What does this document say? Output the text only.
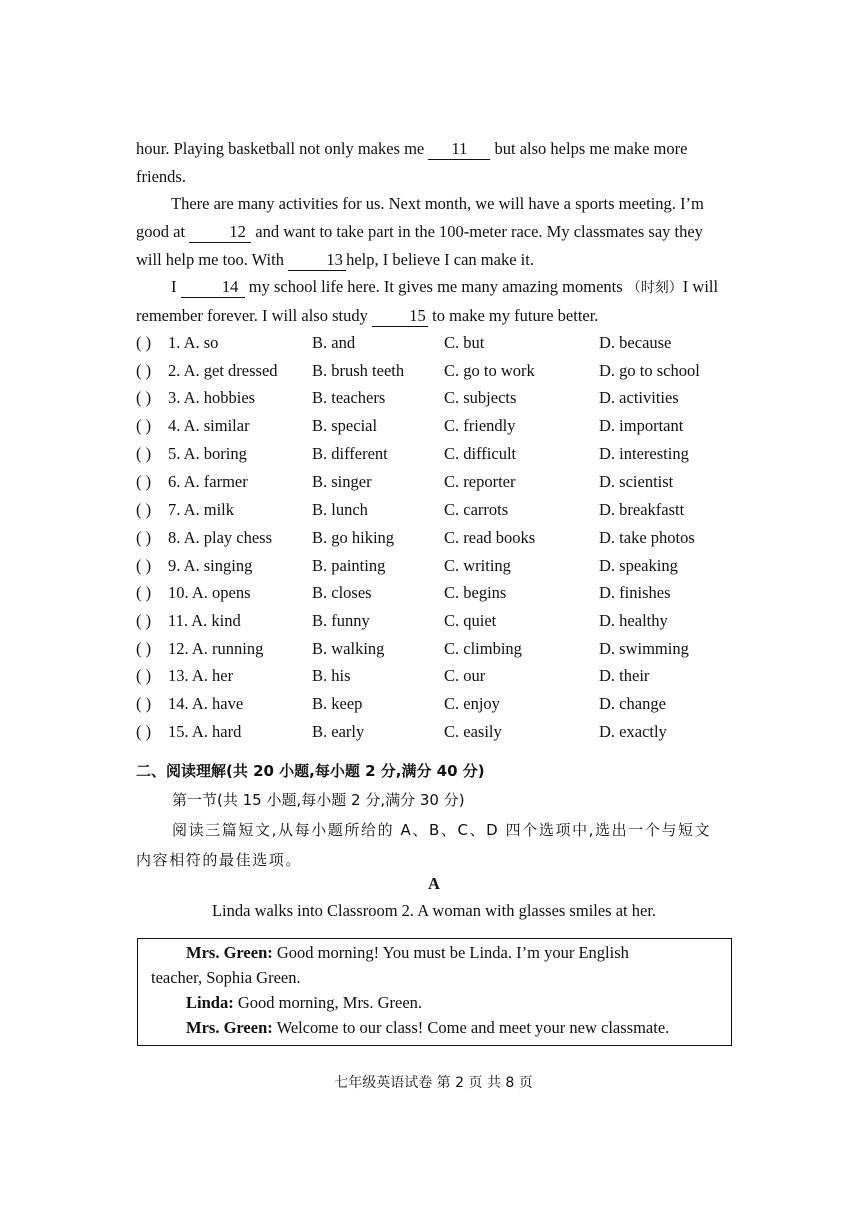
hour. Playing basketball not only makes me 11 but also helps me make more friends.

There are many activities for us. Next month, we will have a sports meeting. I’m good at 12 and want to take part in the 100-meter race. My classmates say they will help me too. With 13 help, I believe I can make it.

I	14 my school life here. It gives me many amazing moments （时刻）I will remember forever. I will also study 15 to make my future better.

( ) 1. A. so	B. and	C. but	D. because
( ) 2. A. get dressed B. brush teeth C. go to work	D. go to school
( ) 3. A. hobbies	B. teachers	C. subjects	D. activities
( ) 4. A. similar	B. special	C. friendly	D. important
( ) 5. A. boring	B. different	C. difficult	D. interesting
( ) 6. A. farmer	B. singer	C. reporter	D. scientist
( ) 7. A. milk	B. lunch	C. carrots	D. breakfastt
( ) 8. A. play chess B. go hiking	C. read books	D. take photos
( ) 9. A. singing	B. painting	C. writing	D. speaking
( ) 10. A. opens	B. closes	C. begins	D. finishes
( ) 11. A. kind	B. funny	C. quiet	D. healthy
( ) 12. A. running	B. walking	C. climbing	D. swimming
( ) 13. A. her	B. his	C. our	D. their
( ) 14. A. have	B. keep	C. enjoy	D. change
( ) 15. A. hard	B. early	C. easily	D. exactly
二、阅读理解(共 20 小题,每小题 2 分,满分 40 分)
第一节(共 15 小题,每小题 2 分,满分 30 分)
阅读三篇短文,从每小题所给的 A、B、C、D 四个选项中,选出一个与短文
内容相符的最佳选项。
A
Linda walks into Classroom 2. A woman with glasses smiles at her.

Mrs. Green: Good morning! You must be Linda. I’m your English

teacher, Sophia Green.

Linda: Good morning, Mrs. Green.

Mrs. Green: Welcome to our class! Come and meet your new classmate.

七年级英语试卷 第 2 页 共 8 页
